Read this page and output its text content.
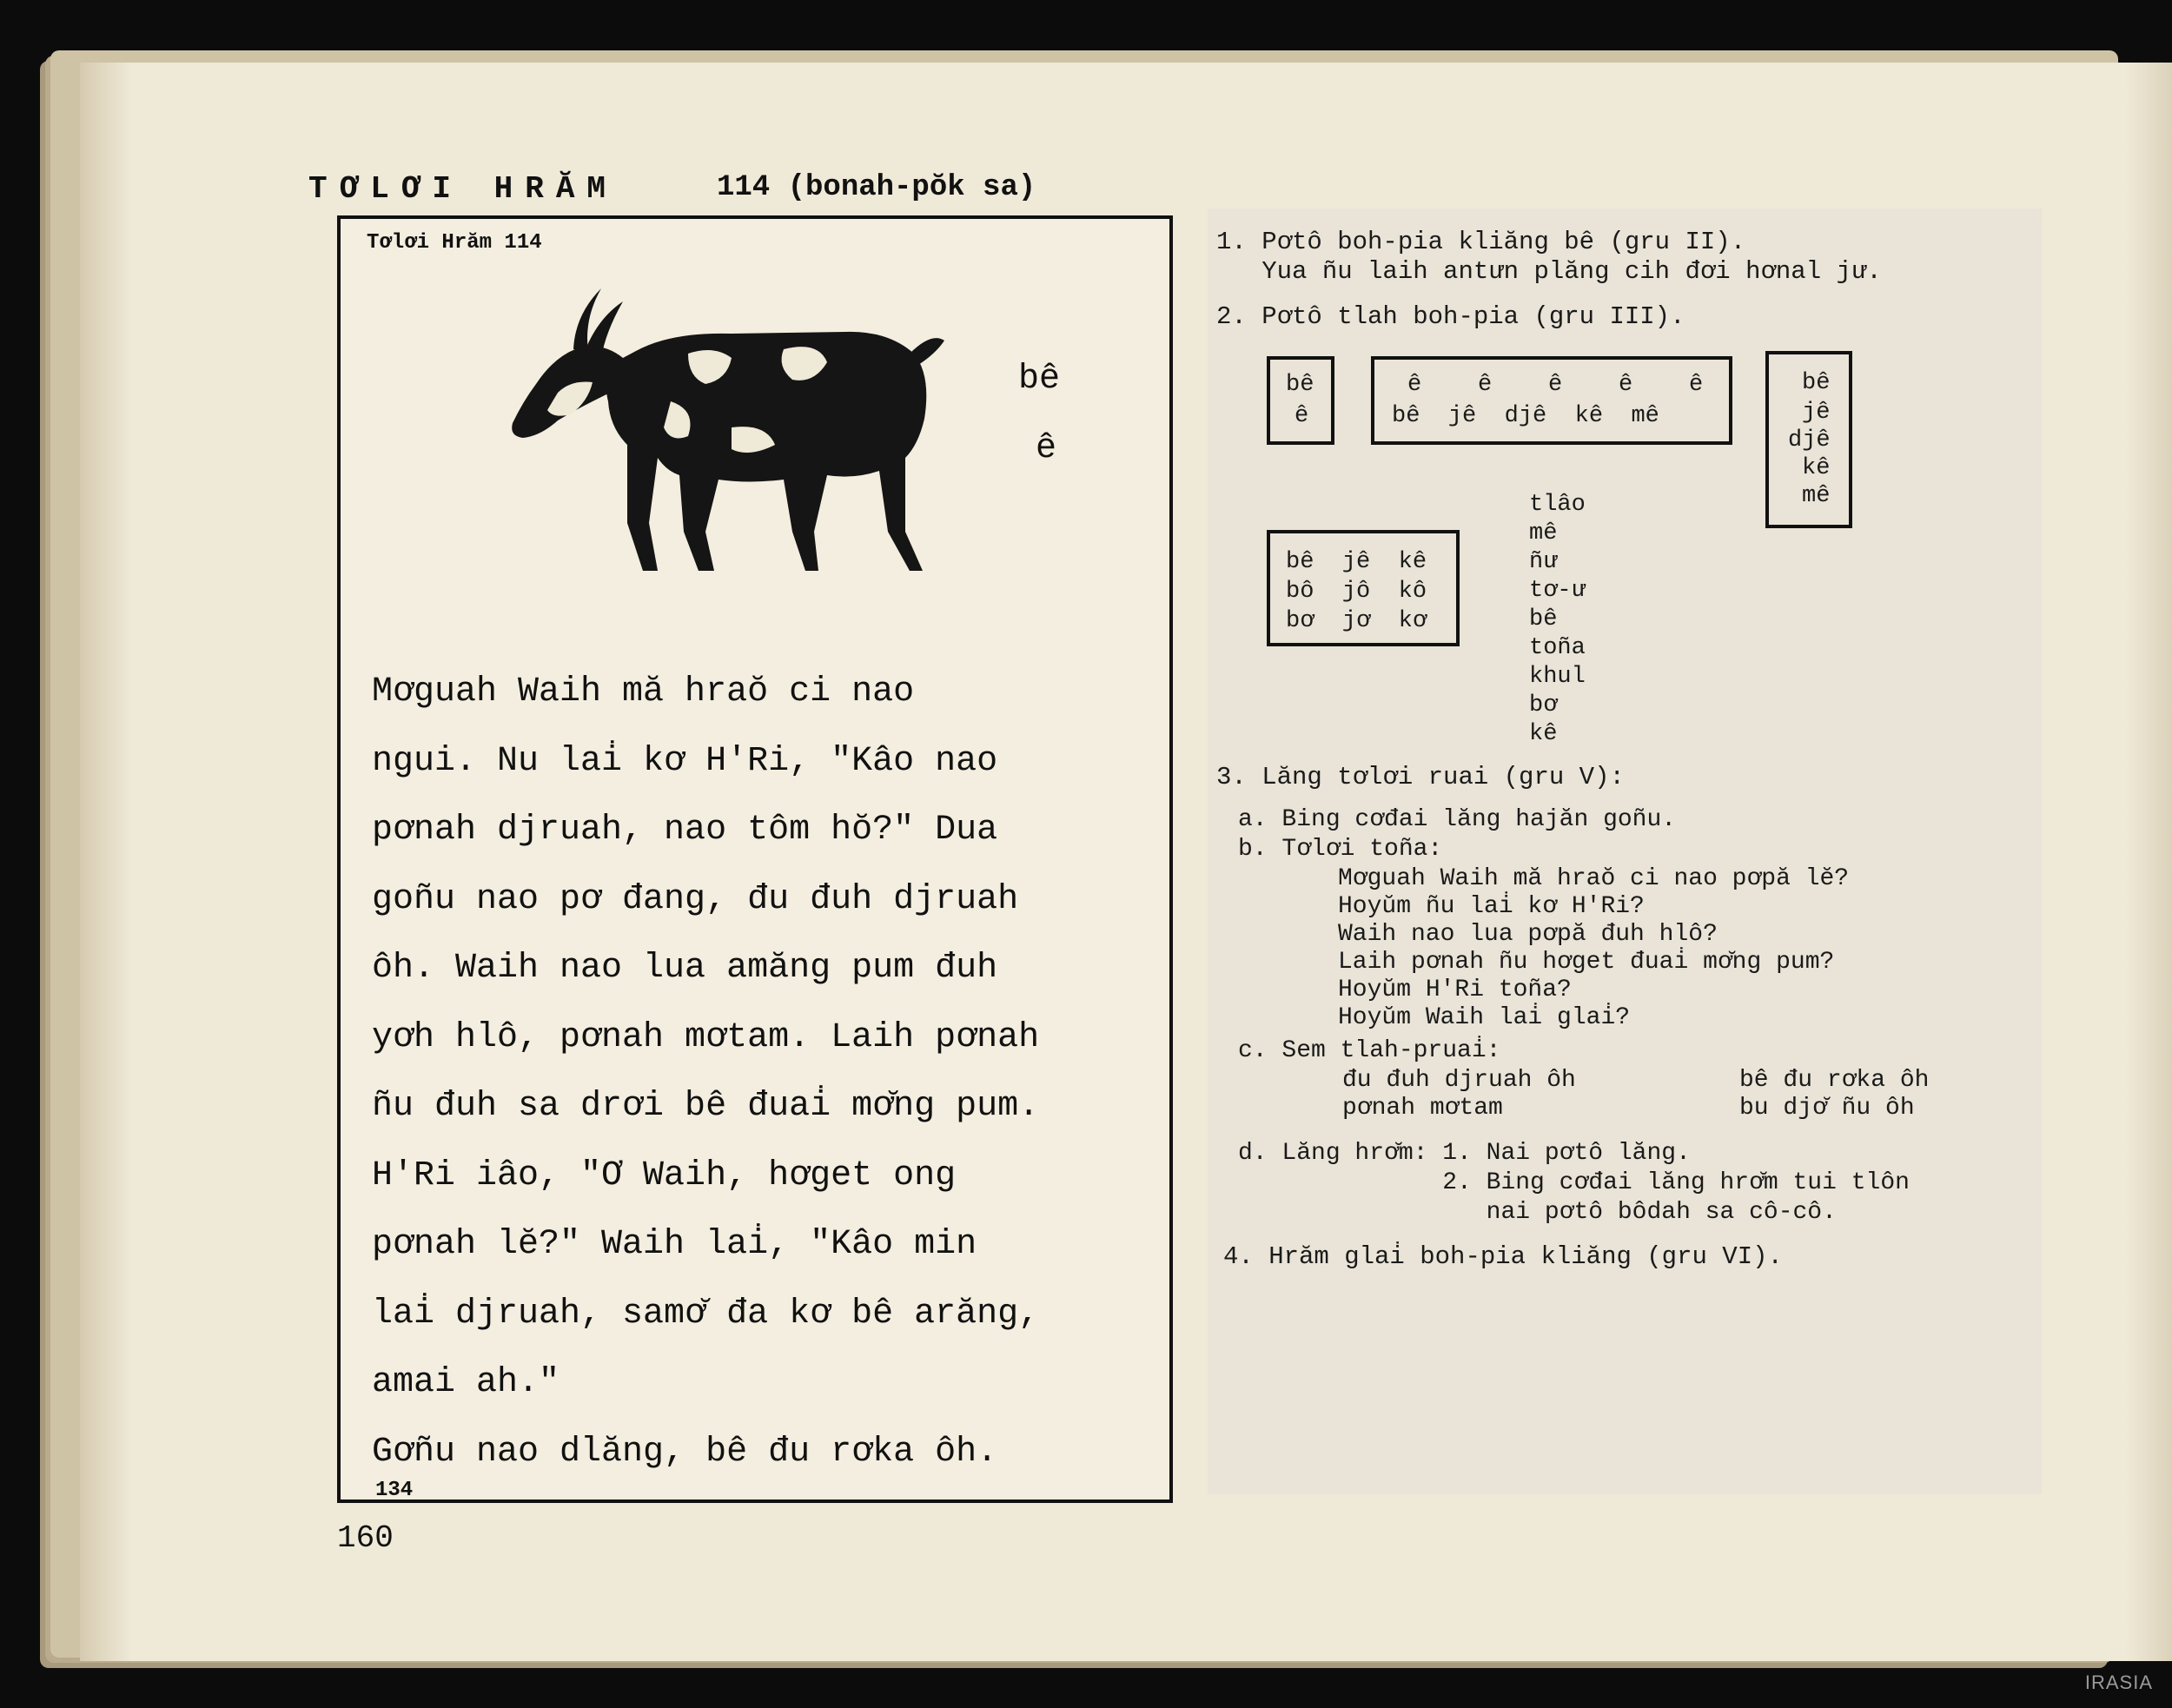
TƠLƠI HRĂM	114 (bonah-pŏk sa)
Tơlơi Hrăm 114
bê
ê

Mơguah Waih mă hraŏ ci nao

ngui. Nu lai̇ kơ H'Ri, "Kâo nao

pơnah djruah, nao tôm hŏ?" Dua

goñu nao pơ đang, đu đuh djruah

ôh. Waih nao lua amăng pum đuh

yơh hlô, pơnah mơtam. Laih pơnah

ñu đuh sa drơi bê đuai̇ mơ̆ng pum.

H'Ri iâo, "Ơ Waih, hơget ong

pơnah lĕ?" Waih lai̇, "Kâo min

lai̇ djruah, samơ̆ đa kơ bê arăng,

amai ah."

Gơñu nao dlăng, bê đu rơka ôh.

134
160
1. Pơtô boh-pia kliăng bê (gru II).
Yua ñu laih antưn plăng cih đơi hơnal jư.
2. Pơtô tlah boh-pia (gru III).
bê
ê
ê    ê    ê    ê    ê
bê  jê  djê  kê  mê
bê
jê
djê
kê
mê
bê  jê  kê
bô  jô  kô
bơ  jơ  kơ
tlâo
mê
ñư
tơ-ư
bê
toña
khul
bơ
kê
3. Lăng tơlơi ruai (gru V):
a. Bing cơđai lăng hajăn goñu.
b. Tơlơi toña:
Mơguah Waih mă hraŏ ci nao pơpă lĕ?
Hoyŭm ñu lai̇ kơ H'Ri?
Waih nao lua pơpă đuh hlô?
Laih pơnah ñu hơget đuai̇ mơ̆ng pum?
Hoyŭm H'Ri toña?
Hoyŭm Waih lai̇ glai̇?
c. Sem tlah-pruai̇:
đu đuh djruah ôh
pơnah mơtam
bê đu rơka ôh
bu djơ̆ ñu ôh
d. Lăng hrơ̆m: 1. Nai pơtô lăng.
2. Bing cơđai lăng hrơ̆m tui tlôn
nai pơtô bôdah sa cô-cô.
4. Hrăm glai̇ boh-pia kliăng (gru VI).
IRASIA
